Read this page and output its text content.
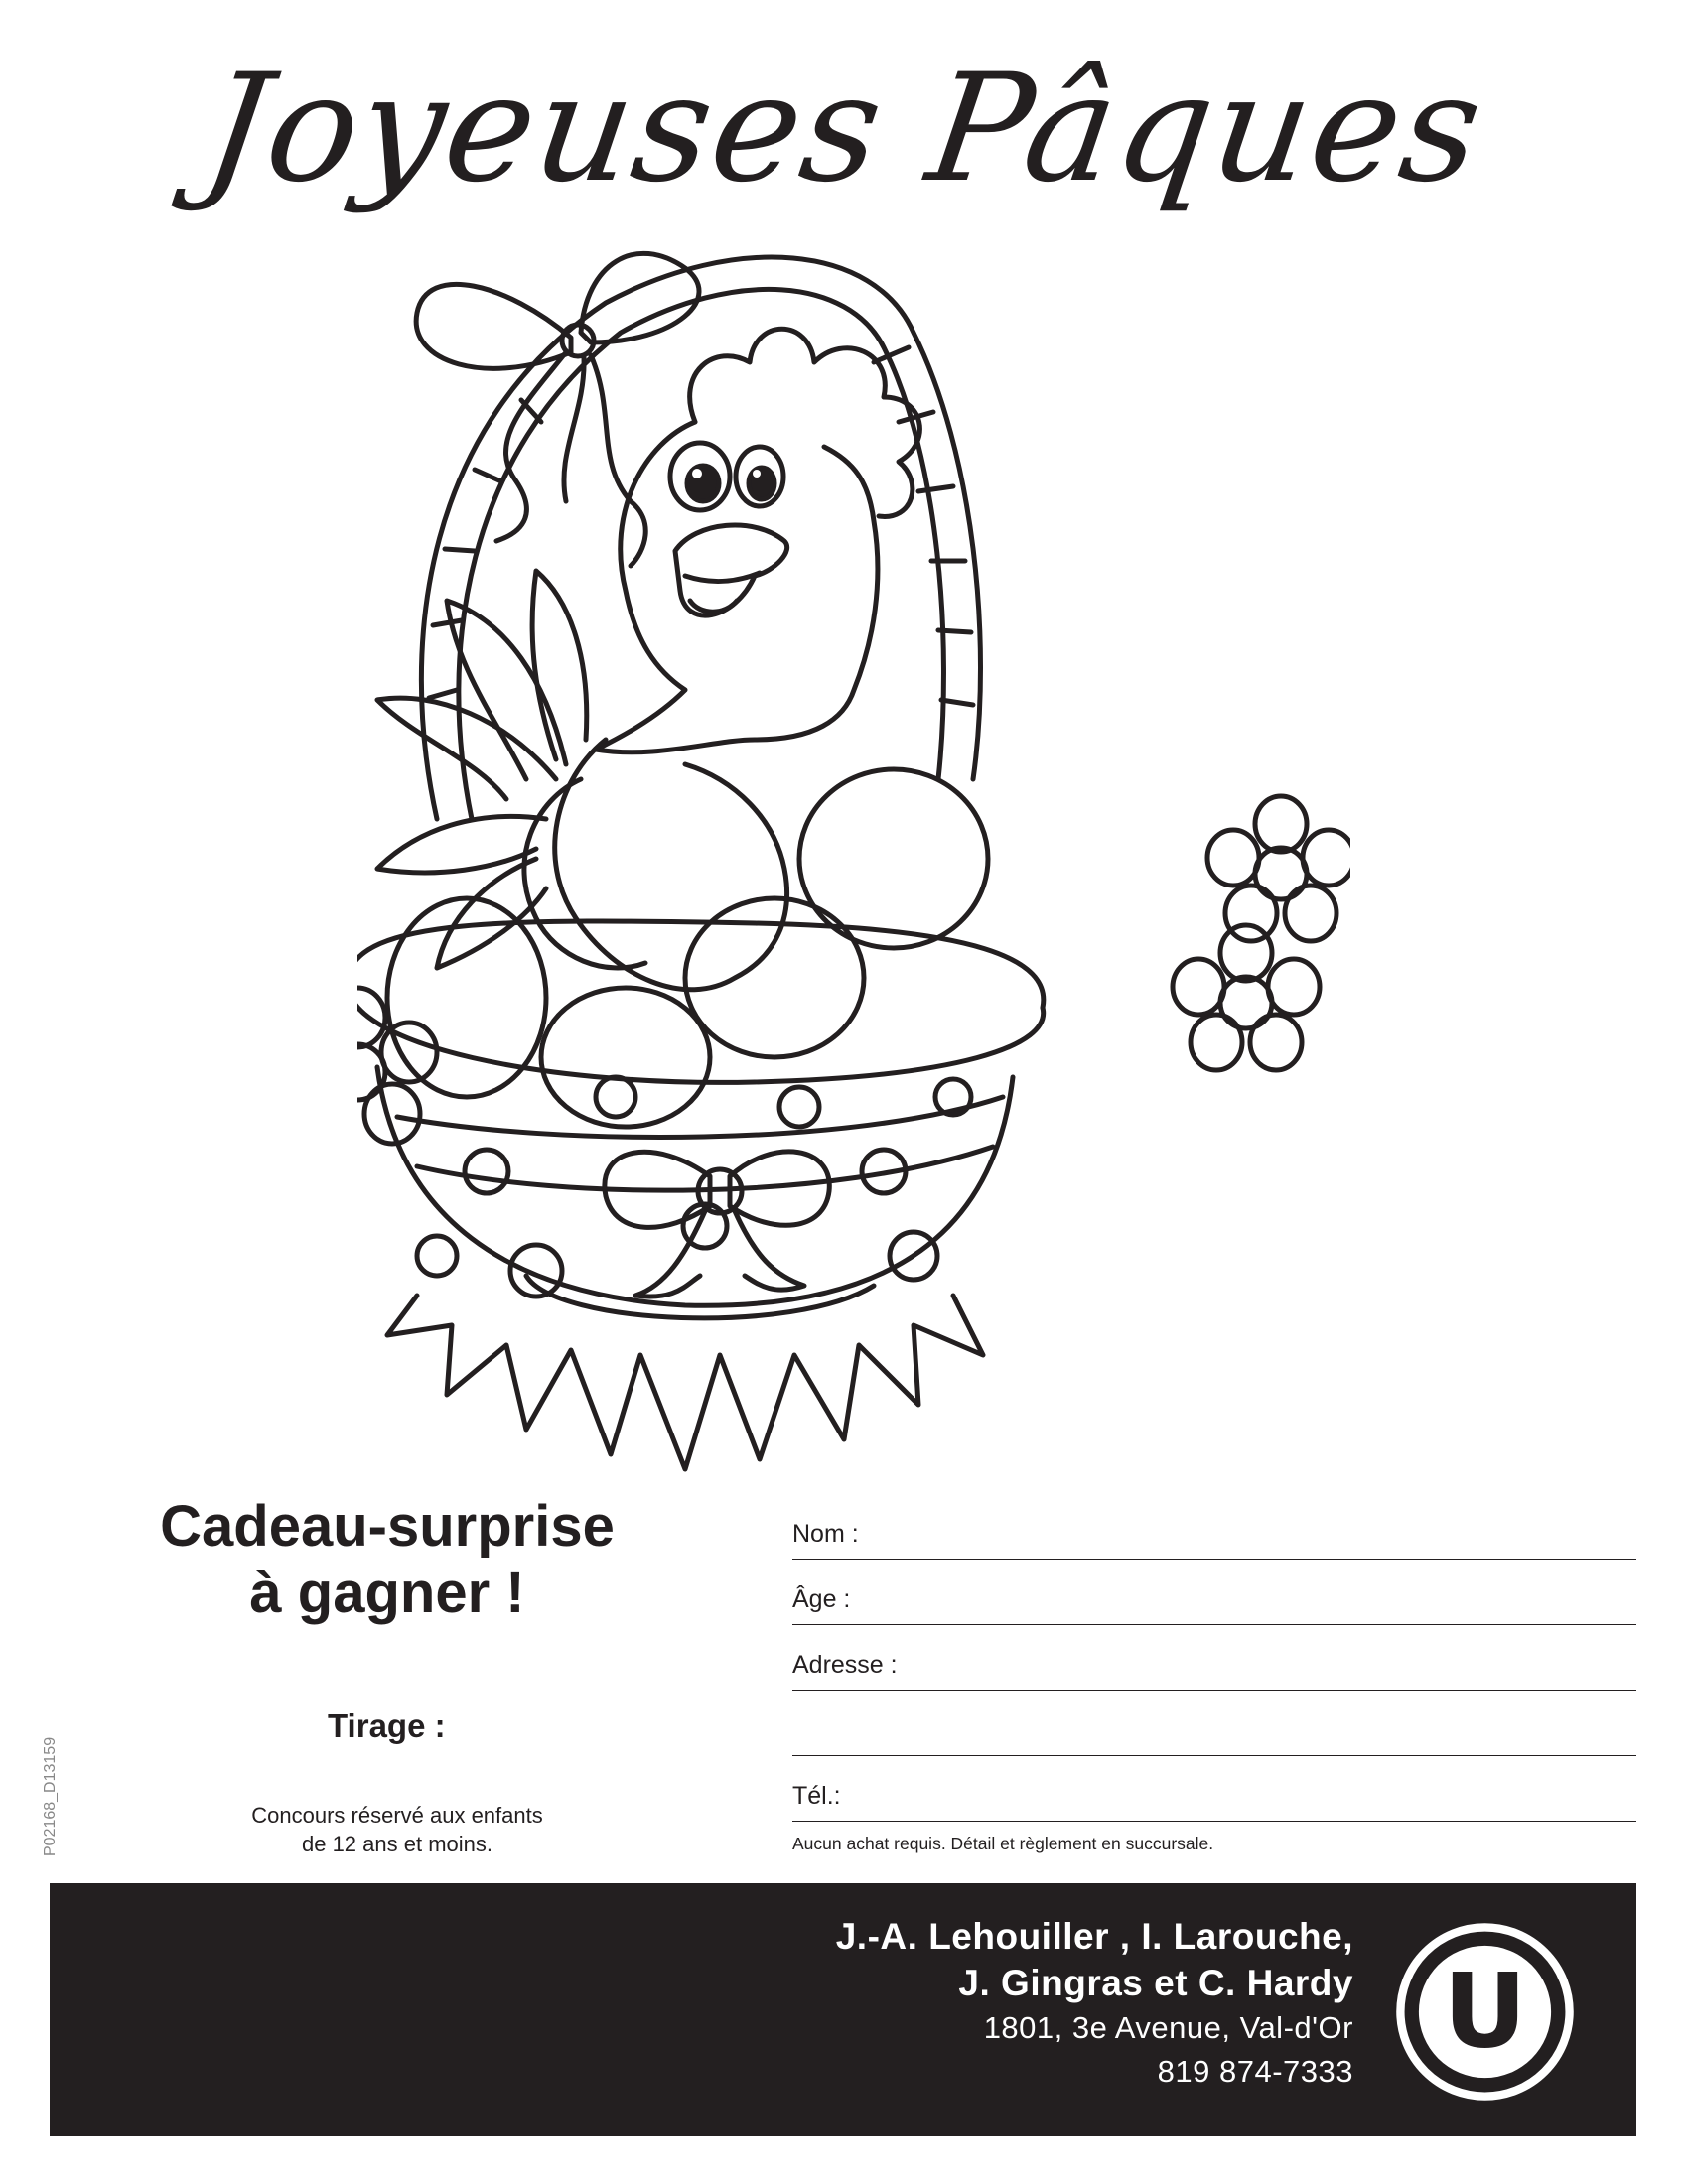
Joyeuses Pâques
Cadeau-surprise
à gagner !
Tirage :
Concours réservé aux enfants
de 12 ans et moins.
P02168_D13159
Nom :
Âge :
Adresse :
Tél.:
Aucun achat requis. Détail et règlement en succursale.
J.-A. Lehouiller , I. Larouche,
J. Gingras et C. Hardy
1801, 3e Avenue, Val-d'Or
819 874-7333 U
